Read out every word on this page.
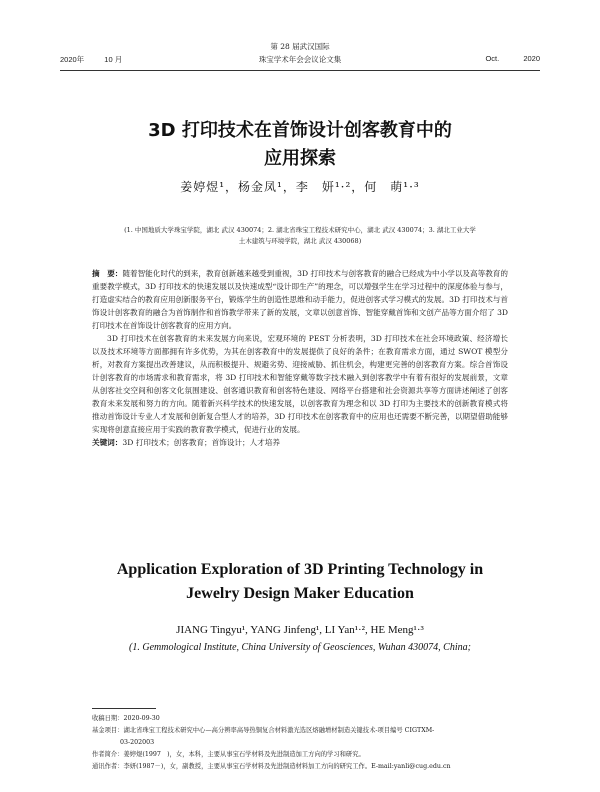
2020年	10 月
第 28 届武汉国际
珠宝学术年会会议论文集	Oct.	2020
3D 打印技术在首饰设计创客教育中的
应用探索
姜婷煜¹，杨金凤¹，李　妍¹·²，何　萌¹·³
(1. 中国地质大学珠宝学院，湖北 武汉 430074；2. 湖北省珠宝工程技术研究中心，湖北 武汉 430074；3. 湖北工业大学
土木建筑与环境学院，湖北 武汉 430068)

摘　要：随着智能化时代的到来，教育创新越来越受到重视，3D 打印技术与创客教育的融合已经成为中小学以及高等教育的重要教学模式，3D 打印技术的快速发展以及快速成型“设计即生产”的理念，可以增强学生在学习过程中的深度体验与参与，打造虚实结合的教育应用创新服务平台，锻炼学生的创造性思维和动手能力，促进创客式学习模式的发展。3D 打印技术与首饰设计创客教育的融合为首饰制作和首饰教学带来了新的发展，文章以创意首饰、智能穿戴首饰和文创产品等方面介绍了 3D 打印技术在首饰设计创客教育的应用方向。

3D 打印技术在创客教育的未来发展方向来说，宏观环境的 PEST 分析表明，3D 打印技术在社会环境政策、经济增长以及技术环境等方面都拥有许多优势，为其在创客教育中的发展提供了良好的条件；在教育需求方面，通过 SWOT 模型分析，对教育方案提出改善建议，从而积极提升、规避劣势、迎接威胁、抓住机会，构建更完善的创客教育方案。综合首饰设计创客教育的市场需求和教育需求，将 3D 打印技术和智能穿戴等数字技术融入到创客教学中有着有很好的发展前景，文章从创客社交空间和创客文化氛围建设、创客通识教育和创客特色建设、网络平台搭建和社会资源共享等方面讲述阐述了创客教育未来发展和努力的方向。随着新兴科学技术的快速发展，以创客教育为理念和以 3D 打印为主要技术的创新教育模式将推动首饰设计专业人才发展和创新复合型人才的培养，3D 打印技术在创客教育中的应用也还需要不断完善，以期望借助能够实现将创意直接应用于实践的教育教学模式，促进行业的发展。

关键词：3D 打印技术；创客教育；首饰设计；人才培养

Application Exploration of 3D Printing Technology in
Jewelry Design Maker Education
JIANG Tingyu¹, YANG Jinfeng¹, LI Yan¹·², HE Meng¹·³
(1. Gemmological Institute, China University of Geosciences, Wuhan 430074, China;
收稿日期：2020-09-30
基金项目：湖北省珠宝工程技术研究中心—高分辨率高导热铜复合材料激光选区熔融增材制造关键技术-项目编号 CIGTXM-
03-202003
作者简介：姜婷煜(1997　)，女，本科，主要从事宝石学材料及先进制造加工方向的学习和研究。
通讯作者：李妍(1987－)，女，副教授，主要从事宝石学材料及先进制造材料加工方向的研究工作。E-mail:yanli@cug.edu.cn
